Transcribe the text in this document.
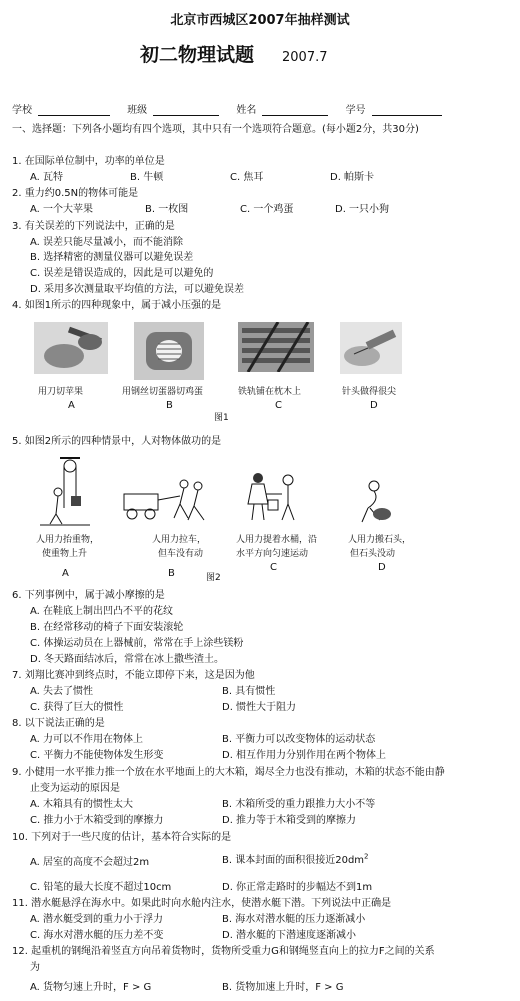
北京市西城区2007年抽样测试
初二物理试题 2007.7
学校	班级	姓名	学号
一、选择题：下列各小题均有四个选项，其中只有一个选项符合题意。(每小题2分，共30分)
1. 在国际单位制中，功率的单位是
A. 瓦特	B. 牛顿	C. 焦耳	D. 帕斯卡
2. 重力约0.5N的物体可能是
A. 一个大苹果	B. 一枚图	C. 一个鸡蛋	D. 一只小狗
3. 有关误差的下列说法中，正确的是
A. 误差只能尽量减小，而不能消除
B. 选择精密的测量仪器可以避免误差
C. 误差是错误造成的，因此是可以避免的
D. 采用多次测量取平均值的方法，可以避免误差
4. 如图1所示的四种现象中，属于减小压强的是
用刀切苹果	用钢丝切蛋器切鸡蛋	铁轨铺在枕木上	针头做得很尖
A	B	C	D
图1
5. 如图2所示的四种情景中，人对物体做功的是
人用力抬重物，
使重物上升
人用力拉车，
但车没有动
人用力提着水桶，沿
水平方向匀速运动
人用力搬石头，
但石头没动
A	B
C	D
图2
6. 下列事例中，属于减小摩擦的是
A. 在鞋底上制出凹凸不平的花纹
B. 在经常移动的椅子下面安装滚轮
C. 体操运动员在上器械前，常常在手上涂些镁粉
D. 冬天路面结冰后，常常在冰上撒些渣土。
7. 刘翔比赛冲到终点时，不能立即停下来，这是因为他
A. 失去了惯性	B. 具有惯性
C. 获得了巨大的惯性	D. 惯性大于阻力
8. 以下说法正确的是
A. 力可以不作用在物体上	B. 平衡力可以改变物体的运动状态
C. 平衡力不能使物体发生形变	D. 相互作用力分别作用在两个物体上
9. 小健用一水平推力推一个放在水平地面上的大木箱，竭尽全力也没有推动，木箱的状态不能由静
止变为运动的原因是
A. 木箱具有的惯性太大	B. 木箱所受的重力跟推力大小不等
C. 推力小于木箱受到的摩擦力	D. 推力等于木箱受到的摩擦力
10. 下列对于一些尺度的估计，基本符合实际的是
A. 居室的高度不会超过2m	B. 课本封面的面积很接近$20dm^2$
C. 铅笔的最大长度不超过10cm	D. 你正常走路时的步幅达不到1m
11. 潜水艇悬浮在海水中。如果此时向水舱内注水，使潜水艇下潜。下列说法中正确是
A. 潜水艇受到的重力小于浮力	B. 海水对潜水艇的压力逐渐减小
C. 海水对潜水艇的压力差不变	D. 潜水艇的下潜速度逐渐减小
12. 起重机的钢绳沿着竖直方向吊着货物时，货物所受重力G和钢绳竖直向上的拉力F之间的关系
为
A. 货物匀速上升时，F > G	B. 货物加速上升时，F > G
